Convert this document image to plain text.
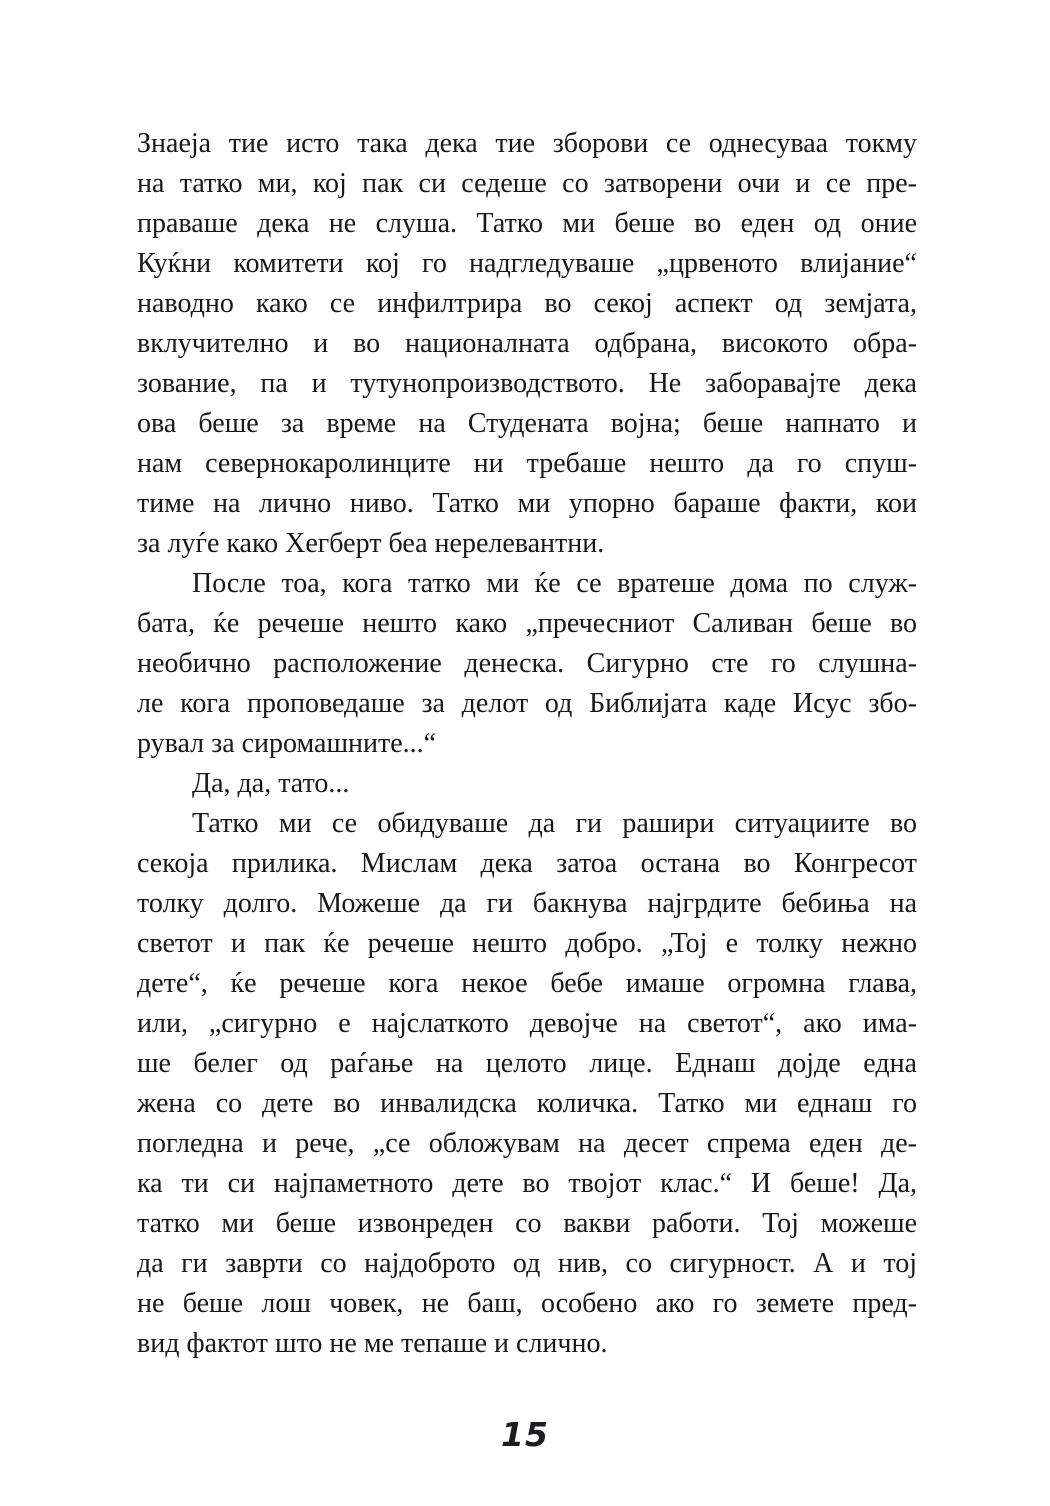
Знаеја тие исто така дека тие зборови се однесуваа токму
на татко ми, кој пак си седеше со затворени очи и се пре-
праваше дека не слуша. Татко ми беше во еден од оние
Куќни комитети кој го надгледуваше „црвеното влијание“
наводно како се инфилтрира во секој аспект од земјата,
вклучително и во националната одбрана, високото обра-
зование, па и тутунопроизводството. Не заборавајте дека
ова беше за време на Студената војна; беше напнато и
нам севернокаролинците ни требаше нешто да го спуш-
тиме на лично ниво. Татко ми упорно бараше факти, кои
за луѓе како Хегберт беа нерелевантни.
После тоа, кога татко ми ќе се вратеше дома по служ-
бата, ќе речеше нешто како „пречесниот Саливан беше во
необично расположение денеска. Сигурно сте го слушна-
ле кога проповедаше за делот од Библијата каде Исус збо-
рувал за сиромашните...“
Да, да, тато...
Татко ми се обидуваше да ги рашири ситуациите во
секоја прилика. Мислам дека затоа остана во Конгресот
толку долго. Можеше да ги бакнува најгрдите бебиња на
светот и пак ќе речеше нешто добро. „Тој е толку нежно
дете“, ќе речеше кога некое бебе имаше огромна глава,
или, „сигурно е најслаткото девојче на светот“, ако има-
ше белег од раѓање на целото лице. Еднаш дојде една
жена со дете во инвалидска количка. Татко ми еднаш го
погледна и рече, „се обложувам на десет спрема еден де-
ка ти си најпаметното дете во твојот клас.“ И беше! Да,
татко ми беше извонреден со вакви работи. Тој можеше
да ги заврти со најдоброто од нив, со сигурност. А и тој
не беше лош човек, не баш, особено ако го земете пред-
вид фактот што не ме тепаше и слично.
15
